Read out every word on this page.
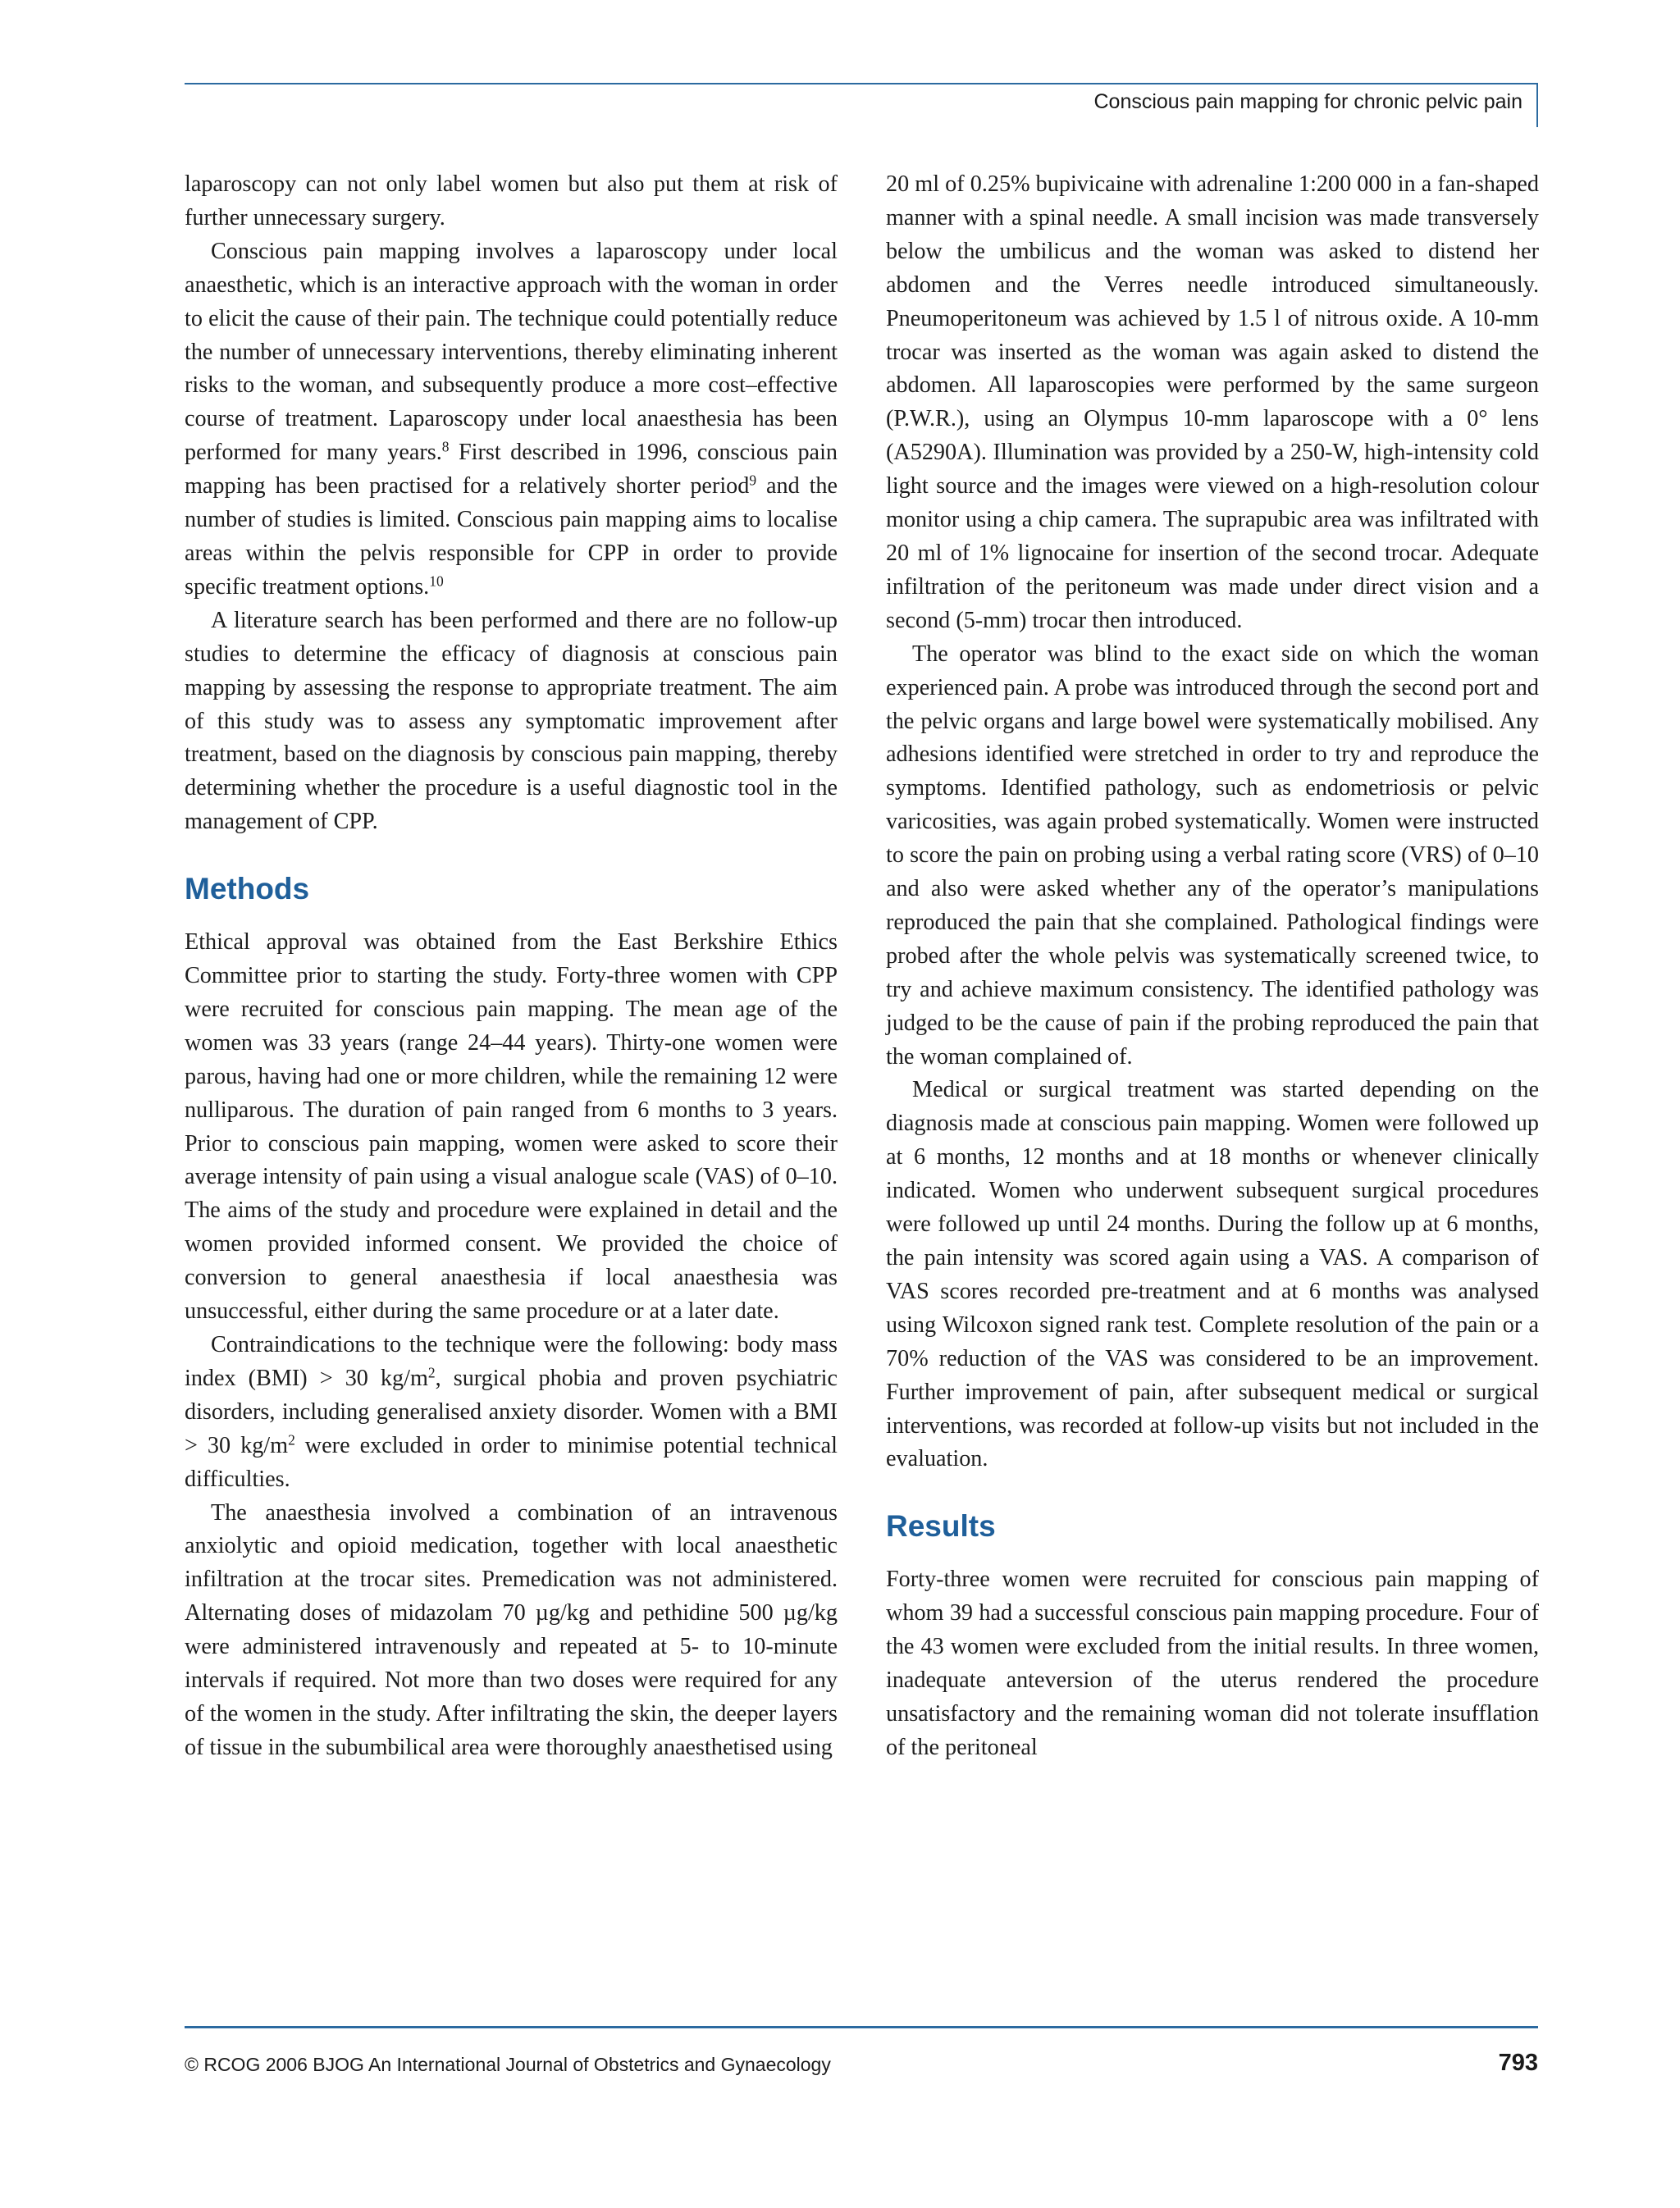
Conscious pain mapping for chronic pelvic pain

laparoscopy can not only label women but also put them at risk of further unnecessary surgery.

Conscious pain mapping involves a laparoscopy under local anaesthetic, which is an interactive approach with the woman in order to elicit the cause of their pain. The technique could potentially reduce the number of unnecessary interventions, thereby eliminating inherent risks to the woman, and subsequently produce a more cost–effective course of treatment. Laparoscopy under local anaesthesia has been performed for many years.$^8$ First described in 1996, conscious pain mapping has been practised for a relatively shorter period$^9$ and the number of studies is limited. Conscious pain mapping aims to localise areas within the pelvis responsible for CPP in order to provide specific treatment options.$^{10}$

A literature search has been performed and there are no follow-up studies to determine the efficacy of diagnosis at conscious pain mapping by assessing the response to appropriate treatment. The aim of this study was to assess any symptomatic improvement after treatment, based on the diagnosis by conscious pain mapping, thereby determining whether the procedure is a useful diagnostic tool in the management of CPP.

Methods

Ethical approval was obtained from the East Berkshire Ethics Committee prior to starting the study. Forty-three women with CPP were recruited for conscious pain mapping. The mean age of the women was 33 years (range 24–44 years). Thirty-one women were parous, having had one or more children, while the remaining 12 were nulliparous. The duration of pain ranged from 6 months to 3 years. Prior to conscious pain mapping, women were asked to score their average intensity of pain using a visual analogue scale (VAS) of 0–10. The aims of the study and procedure were explained in detail and the women provided informed consent. We provided the choice of conversion to general anaesthesia if local anaesthesia was unsuccessful, either during the same procedure or at a later date.

Contraindications to the technique were the following: body mass index (BMI) > 30 $kg/m^2$, surgical phobia and proven psychiatric disorders, including generalised anxiety disorder. Women with a BMI > 30 $kg/m^2$ were excluded in order to minimise potential technical difficulties.

The anaesthesia involved a combination of an intravenous anxiolytic and opioid medication, together with local anaesthetic infiltration at the trocar sites. Premedication was not administered. Alternating doses of midazolam 70 µg/kg and pethidine 500 µg/kg were administered intravenously and repeated at 5- to 10-minute intervals if required. Not more than two doses were required for any of the women in the study. After infiltrating the skin, the deeper layers of tissue in the subumbilical area were thoroughly anaesthetised using

20 ml of 0.25% bupivicaine with adrenaline 1:200 000 in a fan-shaped manner with a spinal needle. A small incision was made transversely below the umbilicus and the woman was asked to distend her abdomen and the Verres needle introduced simultaneously. Pneumoperitoneum was achieved by 1.5 l of nitrous oxide. A 10-mm trocar was inserted as the woman was again asked to distend the abdomen. All laparoscopies were performed by the same surgeon (P.W.R.), using an Olympus 10-mm laparoscope with a 0° lens (A5290A). Illumination was provided by a 250-W, high-intensity cold light source and the images were viewed on a high-resolution colour monitor using a chip camera. The suprapubic area was infiltrated with 20 ml of 1% lignocaine for insertion of the second trocar. Adequate infiltration of the peritoneum was made under direct vision and a second (5-mm) trocar then introduced.

The operator was blind to the exact side on which the woman experienced pain. A probe was introduced through the second port and the pelvic organs and large bowel were systematically mobilised. Any adhesions identified were stretched in order to try and reproduce the symptoms. Identified pathology, such as endometriosis or pelvic varicosities, was again probed systematically. Women were instructed to score the pain on probing using a verbal rating score (VRS) of 0–10 and also were asked whether any of the operator’s manipulations reproduced the pain that she complained. Pathological findings were probed after the whole pelvis was systematically screened twice, to try and achieve maximum consistency. The identified pathology was judged to be the cause of pain if the probing reproduced the pain that the woman complained of.

Medical or surgical treatment was started depending on the diagnosis made at conscious pain mapping. Women were followed up at 6 months, 12 months and at 18 months or whenever clinically indicated. Women who underwent subsequent surgical procedures were followed up until 24 months. During the follow up at 6 months, the pain intensity was scored again using a VAS. A comparison of VAS scores recorded pre-treatment and at 6 months was analysed using Wilcoxon signed rank test. Complete resolution of the pain or a 70% reduction of the VAS was considered to be an improvement. Further improvement of pain, after subsequent medical or surgical interventions, was recorded at follow-up visits but not included in the evaluation.

Results

Forty-three women were recruited for conscious pain mapping of whom 39 had a successful conscious pain mapping procedure. Four of the 43 women were excluded from the initial results. In three women, inadequate anteversion of the uterus rendered the procedure unsatisfactory and the remaining woman did not tolerate insufflation of the peritoneal

© RCOG 2006 BJOG An International Journal of Obstetrics and Gynaecology	793
